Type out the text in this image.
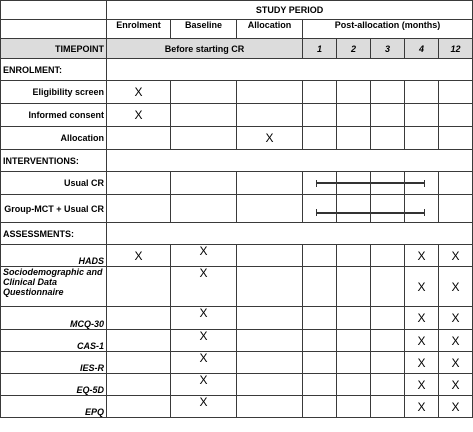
	STUDY PERIOD							
	Enrolment	Baseline	Allocation	Post-allocation (months)				
TIMEPOINT	Before starting CR			1	2	3	4	12
ENROLMENT:								
Eligibility screen	X							
Informed consent	X							
Allocation			X					
INTERVENTIONS:								
Usual CR				

Group-MCT + Usual CR				

ASSESSMENTS:								
HADS	X	X					X	X
Sociodemographic and Clinical Data Questionnaire		X					X	X
MCQ-30		X					X	X
CAS-1		X					X	X
IES-R		X					X	X
EQ-5D		X					X	X
EPQ		X					X	X
